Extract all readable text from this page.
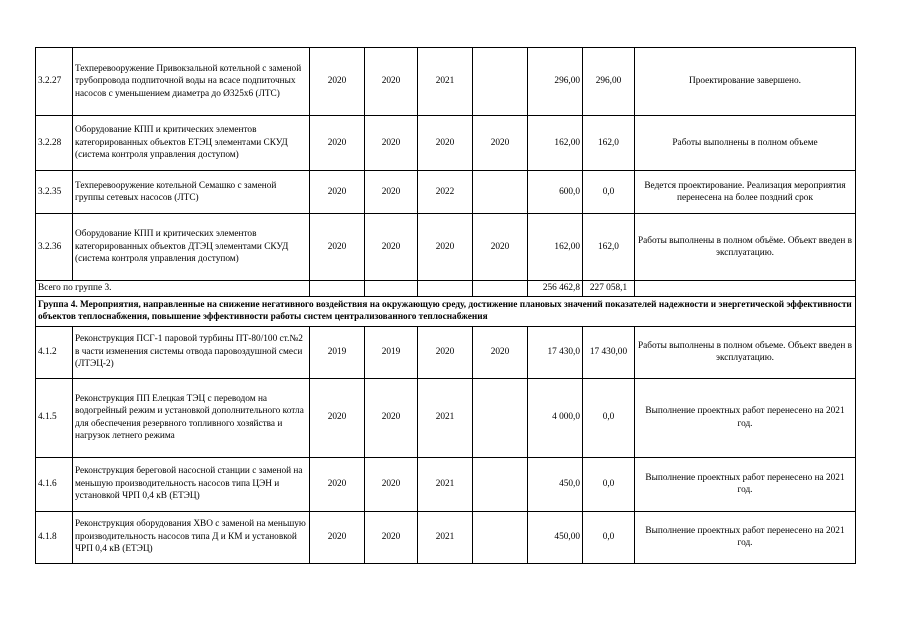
3.2.27	Техперевооружение Привокзальной котельной с заменой трубопровода подпиточной воды на всасе подпиточных насосов с уменьшением диаметра до Ø325х6 (ЛТС)	2020	2020	2021		296,00	296,00	Проектирование завершено.
3.2.28	Оборудование КПП и критических элементов категорированных объектов ЕТЭЦ элементами СКУД (система контроля управления доступом)	2020	2020	2020	2020	162,00	162,0	Работы выполнены в полном объеме
3.2.35	Техперевооружение котельной Семашко с заменой группы сетевых насосов (ЛТС)	2020	2020	2022		600,0	0,0	Ведется проектирование. Реализация мероприятия перенесена на более поздний срок
3.2.36	Оборудование КПП и критических элементов категорированных объектов ДТЭЦ элементами СКУД (система контроля управления доступом)	2020	2020	2020	2020	162,00	162,0	Работы выполнены в полном объёме. Объект введен в эксплуатацию.
Всего по группе 3.						256 462,8	227 058,1	
Группа 4. Мероприятия, направленные на снижение негативного воздействия на окружающую среду, достижение плановых значений показателей надежности и энергетической эффективности объектов теплоснабжения, повышение эффективности работы систем централизованного теплоснабжения								
4.1.2	Реконструкция ПСГ-1 паровой турбины ПТ-80/100 ст.№2 в части изменения системы отвода паровоздушной смеси (ЛТЭЦ-2)	2019	2019	2020	2020	17 430,0	17 430,00	Работы выполнены в полном объеме. Объект введен в эксплуатацию.
4.1.5	Реконструкция ПП Елецкая ТЭЦ с переводом на водогрейный режим и установкой дополнительного котла для обеспечения резервного топливного хозяйства и нагрузок летнего режима	2020	2020	2021		4 000,0	0,0	Выполнение проектных работ перенесено на 2021 год.
4.1.6	Реконструкция береговой насосной станции с заменой на меньшую производительность насосов типа ЦЭН и установкой ЧРП 0,4 кВ (ЕТЭЦ)	2020	2020	2021		450,0	0,0	Выполнение проектных работ перенесено на 2021 год.
4.1.8	Реконструкция оборудования ХВО с заменой на меньшую производительность насосов типа Д и КМ и установкой ЧРП 0,4 кВ (ЕТЭЦ)	2020	2020	2021		450,00	0,0	Выполнение проектных работ перенесено на 2021 год.
